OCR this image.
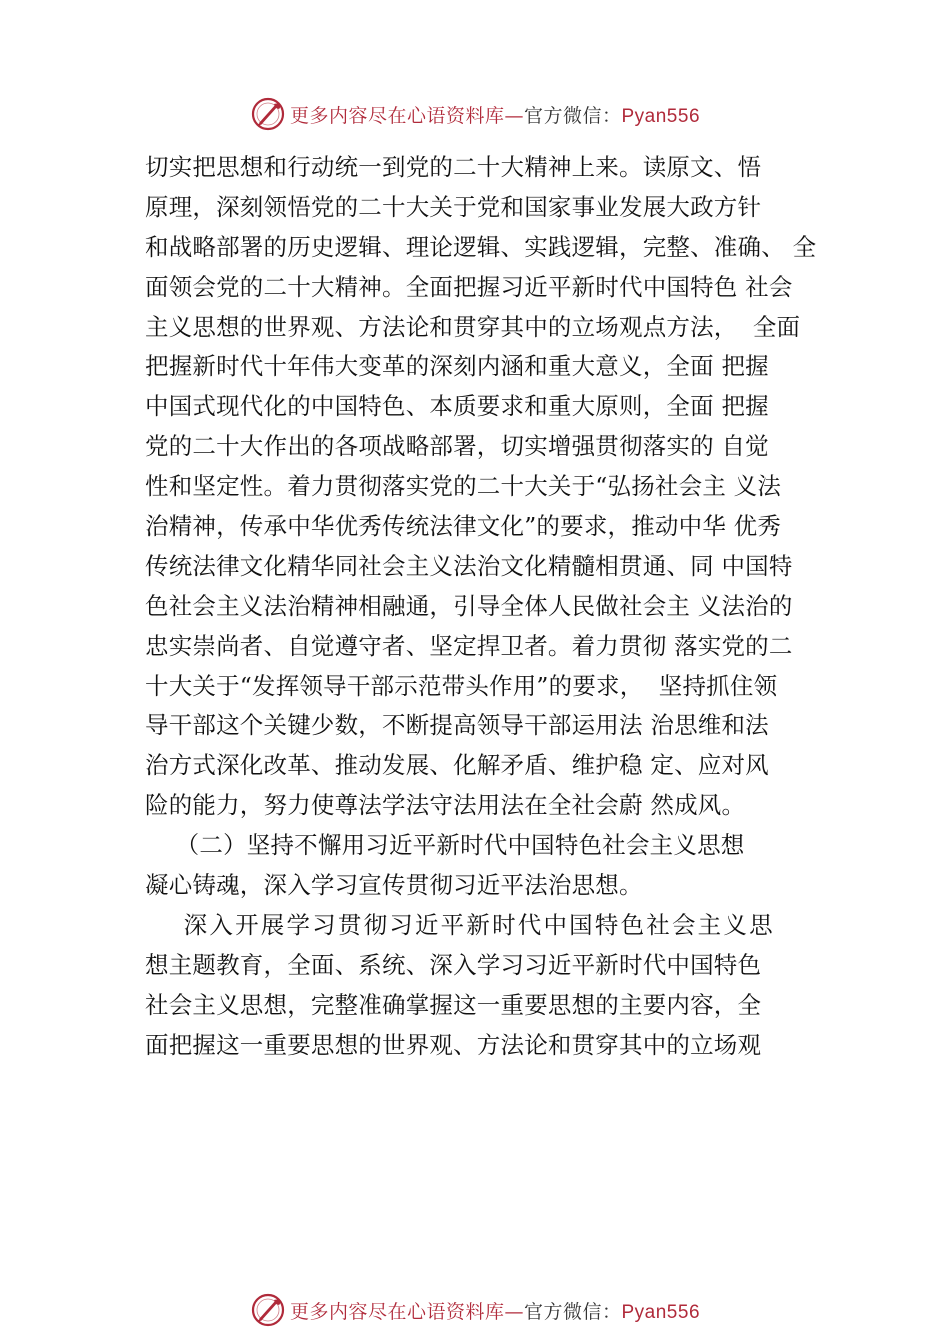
更多内容尽在心语资料库—官方微信：Pyan556
切实把思想和行动统一到党的二十大精神上来。读原文、悟
原理，深刻领悟党的二十大关于党和国家事业发展大政方针
和战略部署的历史逻辑、理论逻辑、实践逻辑，完整、准确、 全
面领会党的二十大精神。全面把握习近平新时代中国特色 社会
主义思想的世界观、方法论和贯穿其中的立场观点方法，  全面
把握新时代十年伟大变革的深刻内涵和重大意义，全面 把握
中国式现代化的中国特色、本质要求和重大原则，全面 把握
党的二十大作出的各项战略部署，切实增强贯彻落实的 自觉
性和坚定性。着力贯彻落实党的二十大关于“弘扬社会主 义法
治精神，传承中华优秀传统法律文化”的要求，推动中华 优秀
传统法律文化精华同社会主义法治文化精髓相贯通、同 中国特
色社会主义法治精神相融通，引导全体人民做社会主 义法治的
忠实崇尚者、自觉遵守者、坚定捍卫者。着力贯彻 落实党的二
十大关于“发挥领导干部示范带头作用”的要求，  坚持抓住领
导干部这个关键少数，不断提高领导干部运用法 治思维和法
治方式深化改革、推动发展、化解矛盾、维护稳 定、应对风
险的能力，努力使尊法学法守法用法在全社会蔚 然成风。
（二）坚持不懈用习近平新时代中国特色社会主义思想
凝心铸魂，深入学习宣传贯彻习近平法治思想。
深入开展学习贯彻习近平新时代中国特色社会主义思
想主题教育，全面、系统、深入学习习近平新时代中国特色
社会主义思想，完整准确掌握这一重要思想的主要内容，全
面把握这一重要思想的世界观、方法论和贯穿其中的立场观
更多内容尽在心语资料库—官方微信：Pyan556
